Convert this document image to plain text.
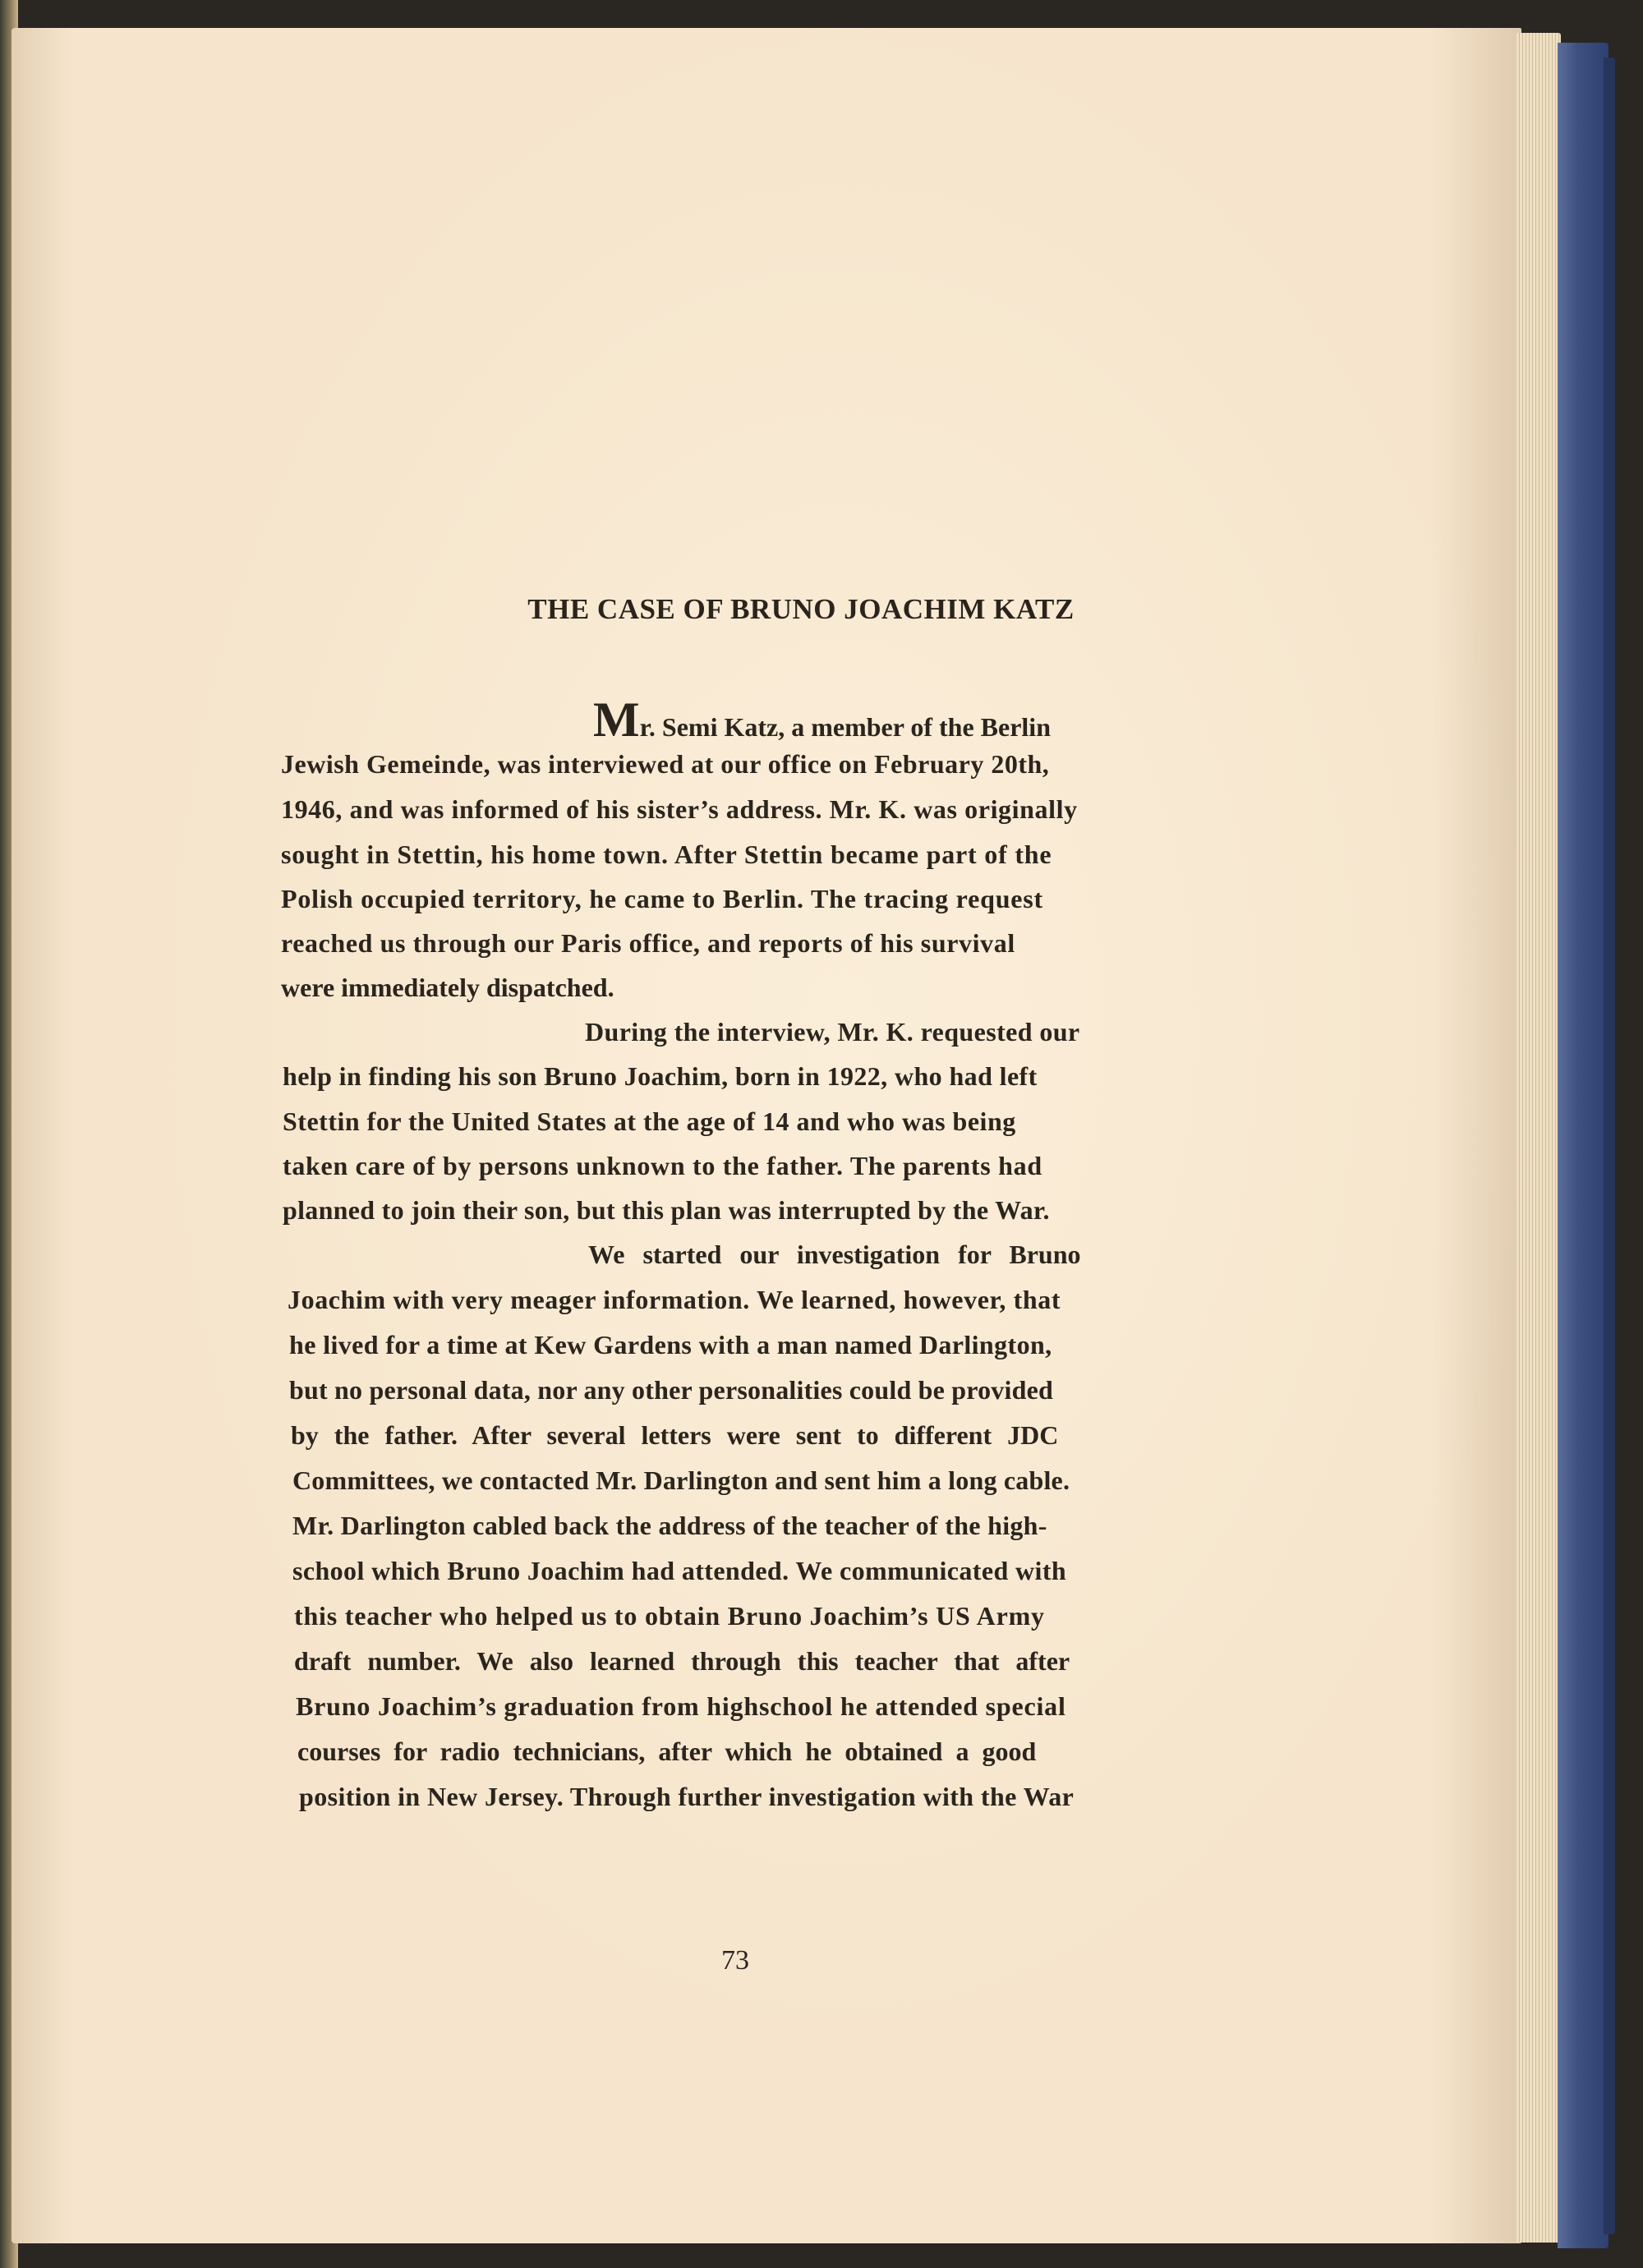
THE CASE OF BRUNO JOACHIM KATZ
Mr. Semi Katz, a member of the Berlin
Jewish Gemeinde, was interviewed at our office on February 20th,
1946, and was informed of his sister’s address. Mr. K. was originally
sought in Stettin, his home town. After Stettin became part of the
Polish occupied territory, he came to Berlin. The tracing request
reached us through our Paris office, and reports of his survival
were immediately dispatched.
During the interview, Mr. K. requested our
help in finding his son Bruno Joachim, born in 1922, who had left
Stettin for the United States at the age of 14 and who was being
taken care of by persons unknown to the father. The parents had
planned to join their son, but this plan was interrupted by the War.
We started our investigation for Bruno
Joachim with very meager information. We learned, however, that
he lived for a time at Kew Gardens with a man named Darlington,
but no personal data, nor any other personalities could be provided
by the father. After several letters were sent to different JDC
Committees, we contacted Mr. Darlington and sent him a long cable.
Mr. Darlington cabled back the address of the teacher of the high-
school which Bruno Joachim had attended. We communicated with
this teacher who helped us to obtain Bruno Joachim’s US Army
draft number. We also learned through this teacher that after
Bruno Joachim’s graduation from highschool he attended special
courses for radio technicians, after which he obtained a good
position in New Jersey. Through further investigation with the War
73
